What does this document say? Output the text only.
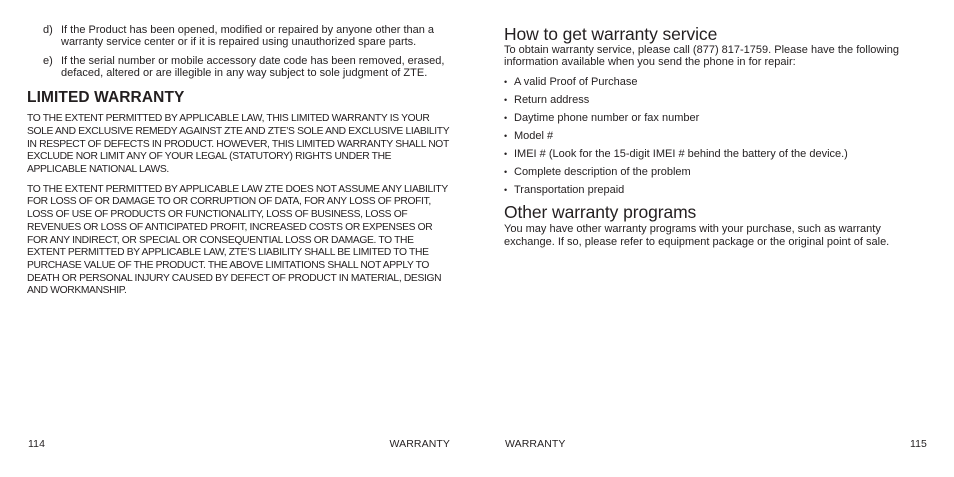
d) If the Product has been opened, modified or repaired by anyone other than a warranty service center or if it is repaired using unauthorized spare parts.
e) If the serial number or mobile accessory date code has been removed, erased, defaced, altered or are illegible in any way subject to sole judgment of ZTE.
LIMITED WARRANTY

TO THE EXTENT PERMITTED BY APPLICABLE LAW, THIS LIMITED WARRANTY IS YOUR SOLE AND EXCLUSIVE REMEDY AGAINST ZTE AND ZTE’S SOLE AND EXCLUSIVE LIABILITY IN RESPECT OF DEFECTS IN PRODUCT. HOWEVER, THIS LIMITED WARRANTY SHALL NOT EXCLUDE NOR LIMIT ANY OF YOUR LEGAL (STATUTORY) RIGHTS UNDER THE APPLICABLE NATIONAL LAWS.

TO THE EXTENT PERMITTED BY APPLICABLE LAW ZTE DOES NOT ASSUME ANY LIABILITY FOR LOSS OF OR DAMAGE TO OR CORRUPTION OF DATA, FOR ANY LOSS OF PROFIT, LOSS OF USE OF PRODUCTS OR FUNCTIONALITY, LOSS OF BUSINESS, LOSS OF REVENUES OR LOSS OF ANTICIPATED PROFIT, INCREASED COSTS OR EXPENSES OR FOR ANY INDIRECT, OR SPECIAL OR CONSEQUENTIAL LOSS OR DAMAGE. TO THE EXTENT PERMITTED BY APPLICABLE LAW, ZTE’S LIABILITY SHALL BE LIMITED TO THE PURCHASE VALUE OF THE PRODUCT. THE ABOVE LIMITATIONS SHALL NOT APPLY TO DEATH OR PERSONAL INJURY CAUSED BY DEFECT OF PRODUCT IN MATERIAL, DESIGN AND WORKMANSHIP.

114	WARRANTY
How to get warranty service

To obtain warranty service, please call (877) 817-1759. Please have the following information available when you send the phone in for repair:

• A valid Proof of Purchase
• Return address
• Daytime phone number or fax number
• Model #
• IMEI # (Look for the 15-digit IMEI # behind the battery of the device.)
• Complete description of the problem
• Transportation prepaid
Other warranty programs

You may have other warranty programs with your purchase, such as warranty exchange. If so, please refer to equipment package or the original point of sale.

WARRANTY	115
